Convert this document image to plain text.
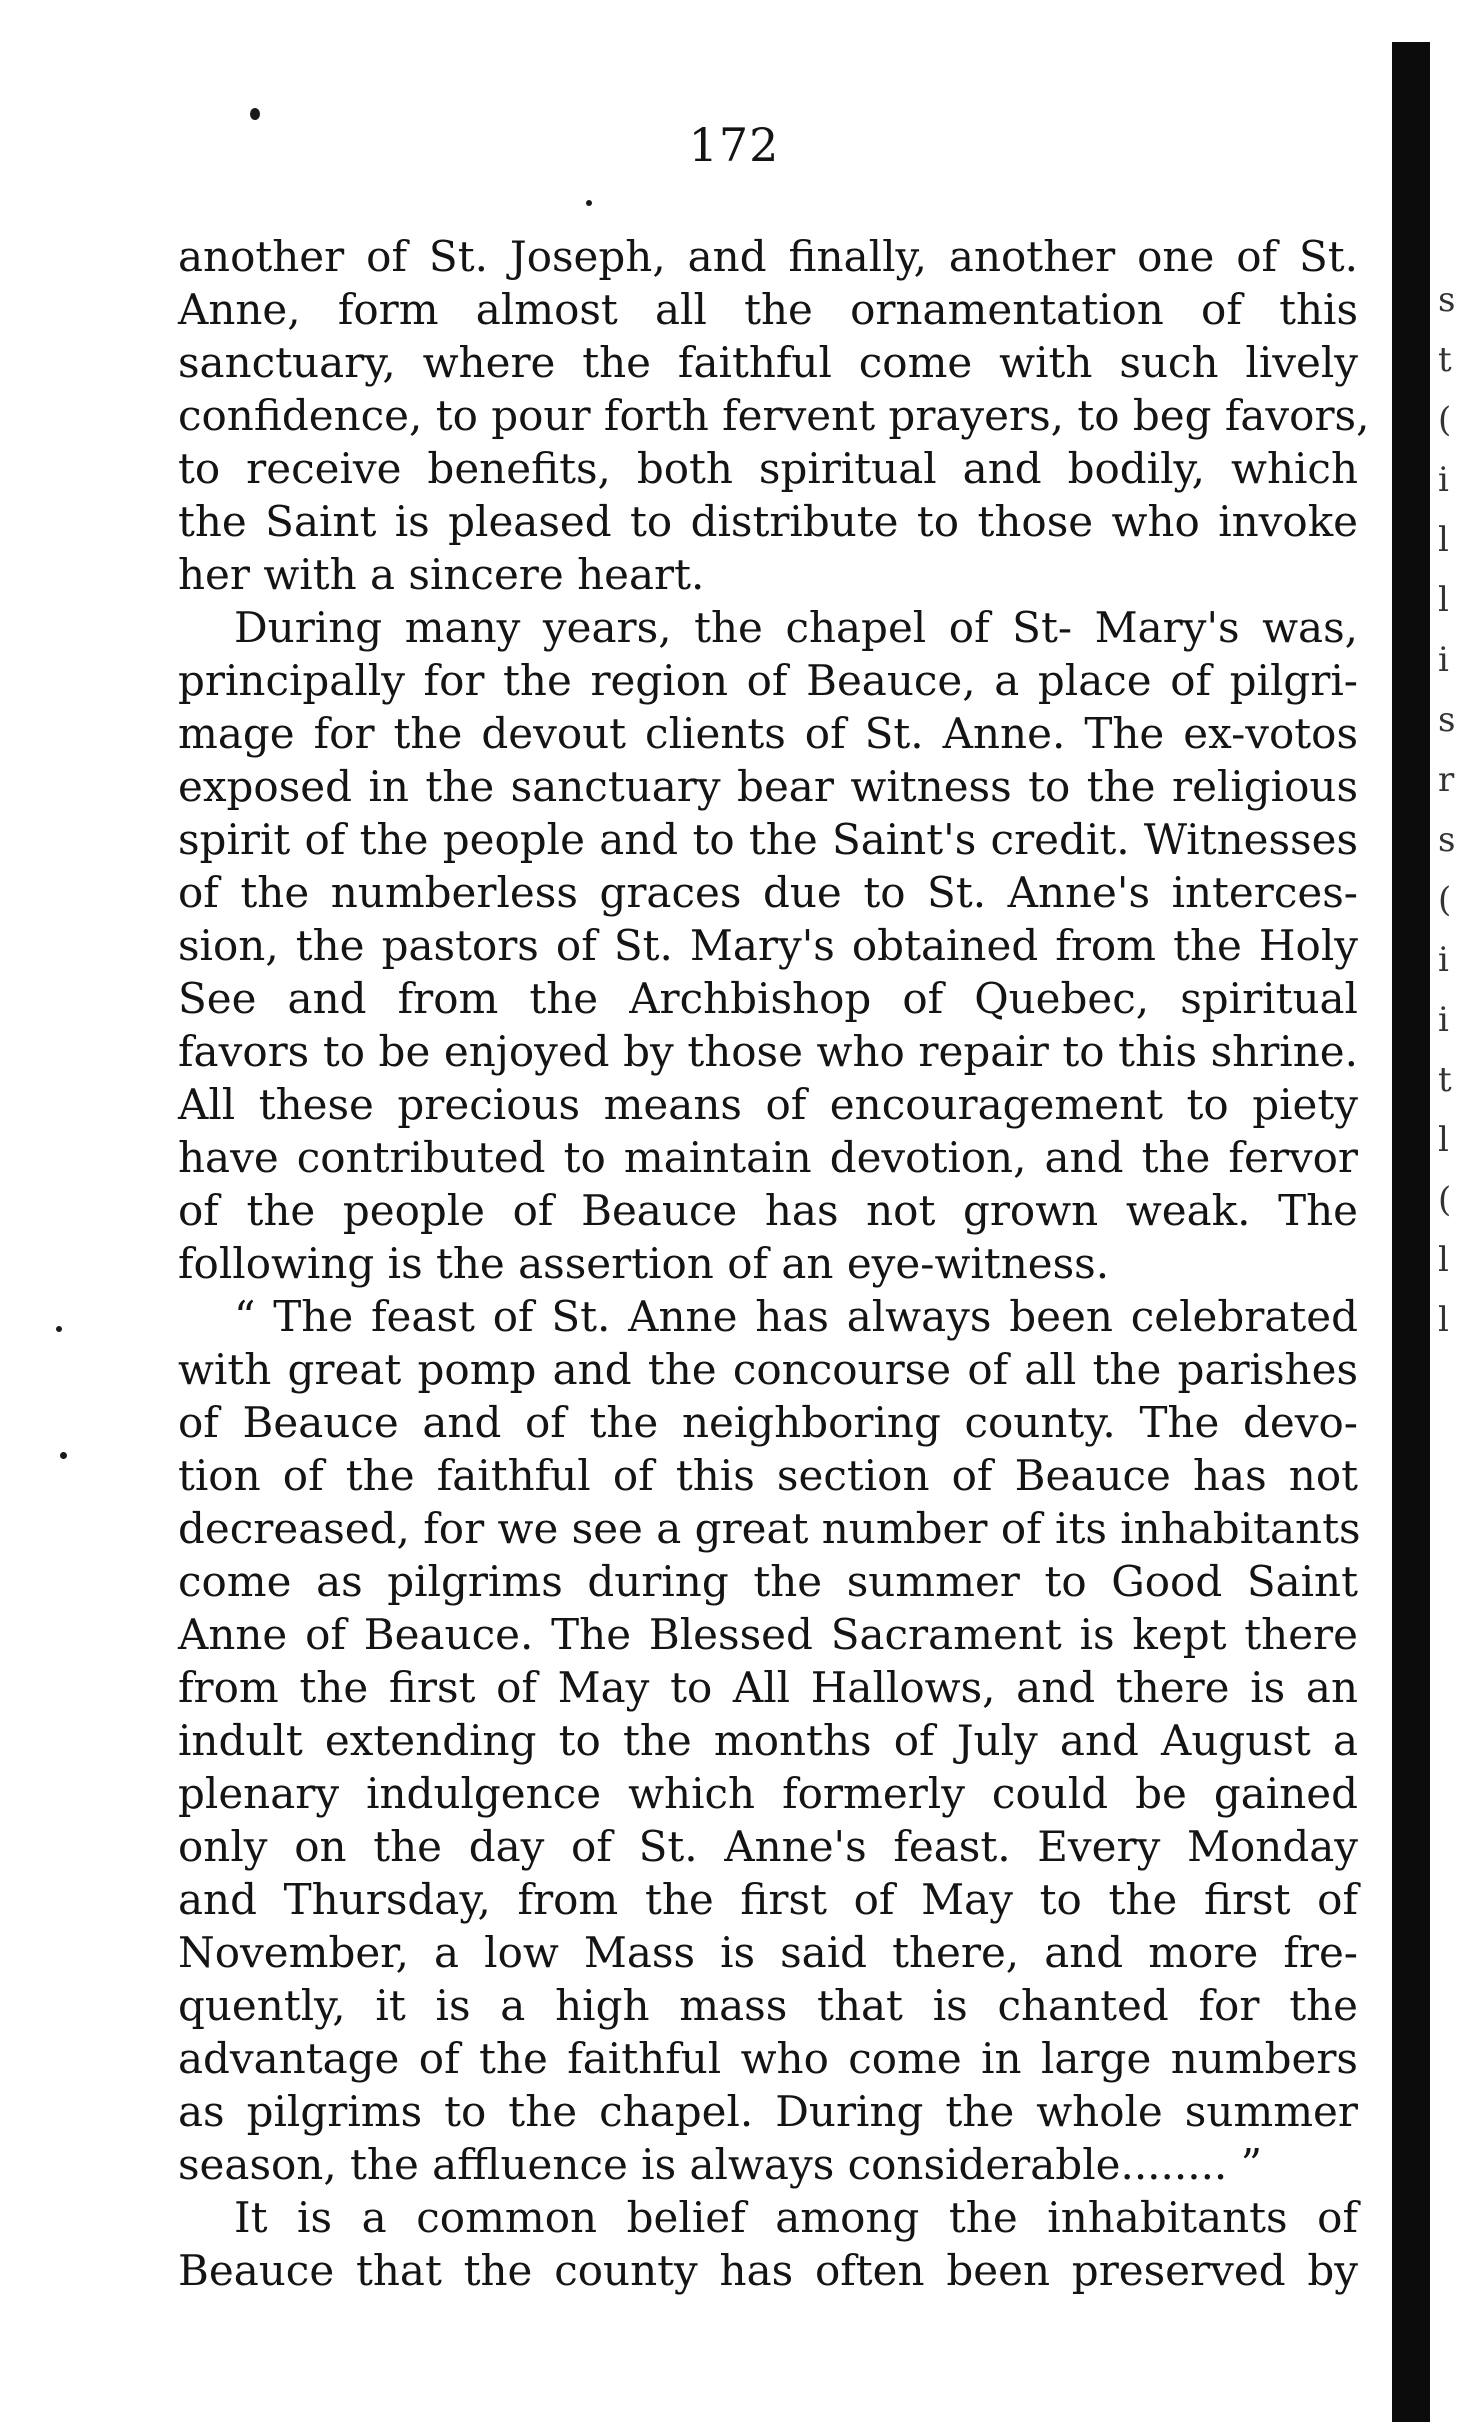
172
another of St. Joseph, and finally, another one of St.
Anne, form almost all the ornamentation of this
sanctuary, where the faithful come with such lively
confidence, to pour forth fervent prayers, to beg favors,
to receive benefits, both spiritual and bodily, which
the Saint is pleased to distribute to those who invoke
her with a sincere heart.
During many years, the chapel of St- Mary's was,
principally for the region of Beauce, a place of pilgri-
mage for the devout clients of St. Anne. The ex-votos
exposed in the sanctuary bear witness to the religious
spirit of the people and to the Saint's credit. Witnesses
of the numberless graces due to St. Anne's interces-
sion, the pastors of St. Mary's obtained from the Holy
See and from the Archbishop of Quebec, spiritual
favors to be enjoyed by those who repair to this shrine.
All these precious means of encouragement to piety
have contributed to maintain devotion, and the fervor
of the people of Beauce has not grown weak. The
following is the assertion of an eye-witness.
“ The feast of St. Anne has always been celebrated
with great pomp and the concourse of all the parishes
of Beauce and of the neighboring county. The devo-
tion of the faithful of this section of Beauce has not
decreased, for we see a great number of its inhabitants
come as pilgrims during the summer to Good Saint
Anne of Beauce. The Blessed Sacrament is kept there
from the first of May to All Hallows, and there is an
indult extending to the months of July and August a
plenary indulgence which formerly could be gained
only on the day of St. Anne's feast. Every Monday
and Thursday, from the first of May to the first of
November, a low Mass is said there, and more fre-
quently, it is a high mass that is chanted for the
advantage of the faithful who come in large numbers
as pilgrims to the chapel. During the whole summer
season, the affluence is always considerable........ ”
It is a common belief among the inhabitants of
Beauce that the county has often been preserved by
s
t
(
i
l
l
i
s
r
s
(
i
i
t
l
(
l
l
